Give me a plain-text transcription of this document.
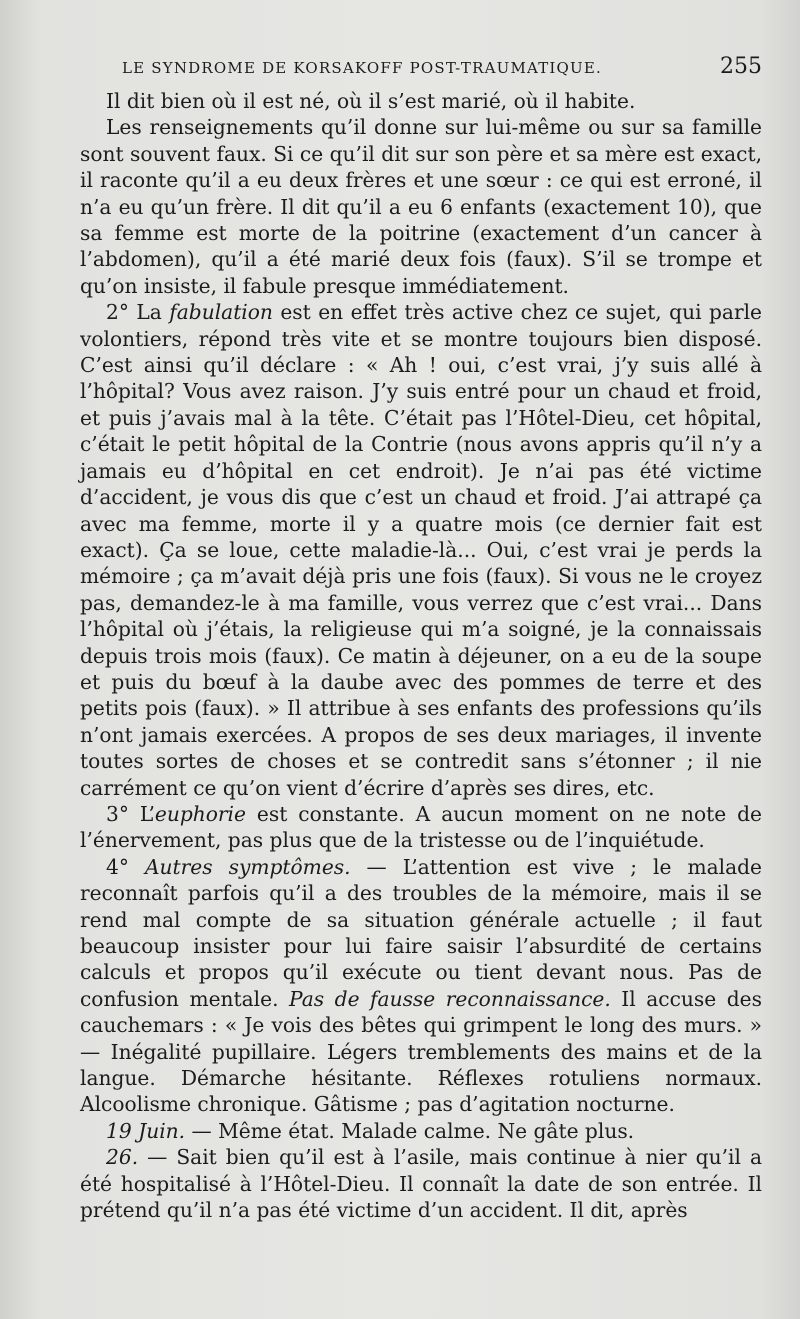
LE SYNDROME DE KORSAKOFF POST-TRAUMATIQUE.	255

Il dit bien où il est né, où il s’est marié, où il habite.

Les renseignements qu’il donne sur lui-même ou sur sa famille sont souvent faux. Si ce qu’il dit sur son père et sa mère est exact, il raconte qu’il a eu deux frères et une sœur : ce qui est erroné, il n’a eu qu’un frère. Il dit qu’il a eu 6 enfants (exactement 10), que sa femme est morte de la poitrine (exactement d’un cancer à l’abdomen), qu’il a été marié deux fois (faux). S’il se trompe et qu’on insiste, il fabule presque immédiatement.

2° La fabulation est en effet très active chez ce sujet, qui parle volontiers, répond très vite et se montre toujours bien disposé. C’est ainsi qu’il déclare : « Ah ! oui, c’est vrai, j’y suis allé à l’hôpital? Vous avez raison. J’y suis entré pour un chaud et froid, et puis j’avais mal à la tête. C’était pas l’Hôtel-Dieu, cet hôpital, c’était le petit hôpital de la Contrie (nous avons appris qu’il n’y a jamais eu d’hôpital en cet endroit). Je n’ai pas été victime d’accident, je vous dis que c’est un chaud et froid. J’ai attrapé ça avec ma femme, morte il y a quatre mois (ce dernier fait est exact). Ça se loue, cette maladie-là... Oui, c’est vrai je perds la mémoire ; ça m’avait déjà pris une fois (faux). Si vous ne le croyez pas, demandez-le à ma famille, vous verrez que c’est vrai... Dans l’hôpital où j’étais, la religieuse qui m’a soigné, je la connaissais depuis trois mois (faux). Ce matin à déjeuner, on a eu de la soupe et puis du bœuf à la daube avec des pommes de terre et des petits pois (faux). » Il attribue à ses enfants des professions qu’ils n’ont jamais exercées. A propos de ses deux mariages, il invente toutes sortes de choses et se contredit sans s’étonner ; il nie carrément ce qu’on vient d’écrire d’après ses dires, etc.

3° L’euphorie est constante. A aucun moment on ne note de l’énervement, pas plus que de la tristesse ou de l’inquiétude.

4° Autres symptômes. — L’attention est vive ; le malade reconnaît parfois qu’il a des troubles de la mémoire, mais il se rend mal compte de sa situation générale actuelle ; il faut beaucoup insister pour lui faire saisir l’absurdité de certains calculs et propos qu’il exécute ou tient devant nous. Pas de confusion mentale. Pas de fausse reconnaissance. Il accuse des cauchemars : « Je vois des bêtes qui grimpent le long des murs. » — Inégalité pupillaire. Légers tremblements des mains et de la langue. Démarche hésitante. Réflexes rotuliens normaux. Alcoolisme chronique. Gâtisme ; pas d’agitation nocturne.

19 Juin. — Même état. Malade calme. Ne gâte plus.

26. — Sait bien qu’il est à l’asile, mais continue à nier qu’il a été hospitalisé à l’Hôtel-Dieu. Il connaît la date de son entrée. Il prétend qu’il n’a pas été victime d’un accident. Il dit, après
